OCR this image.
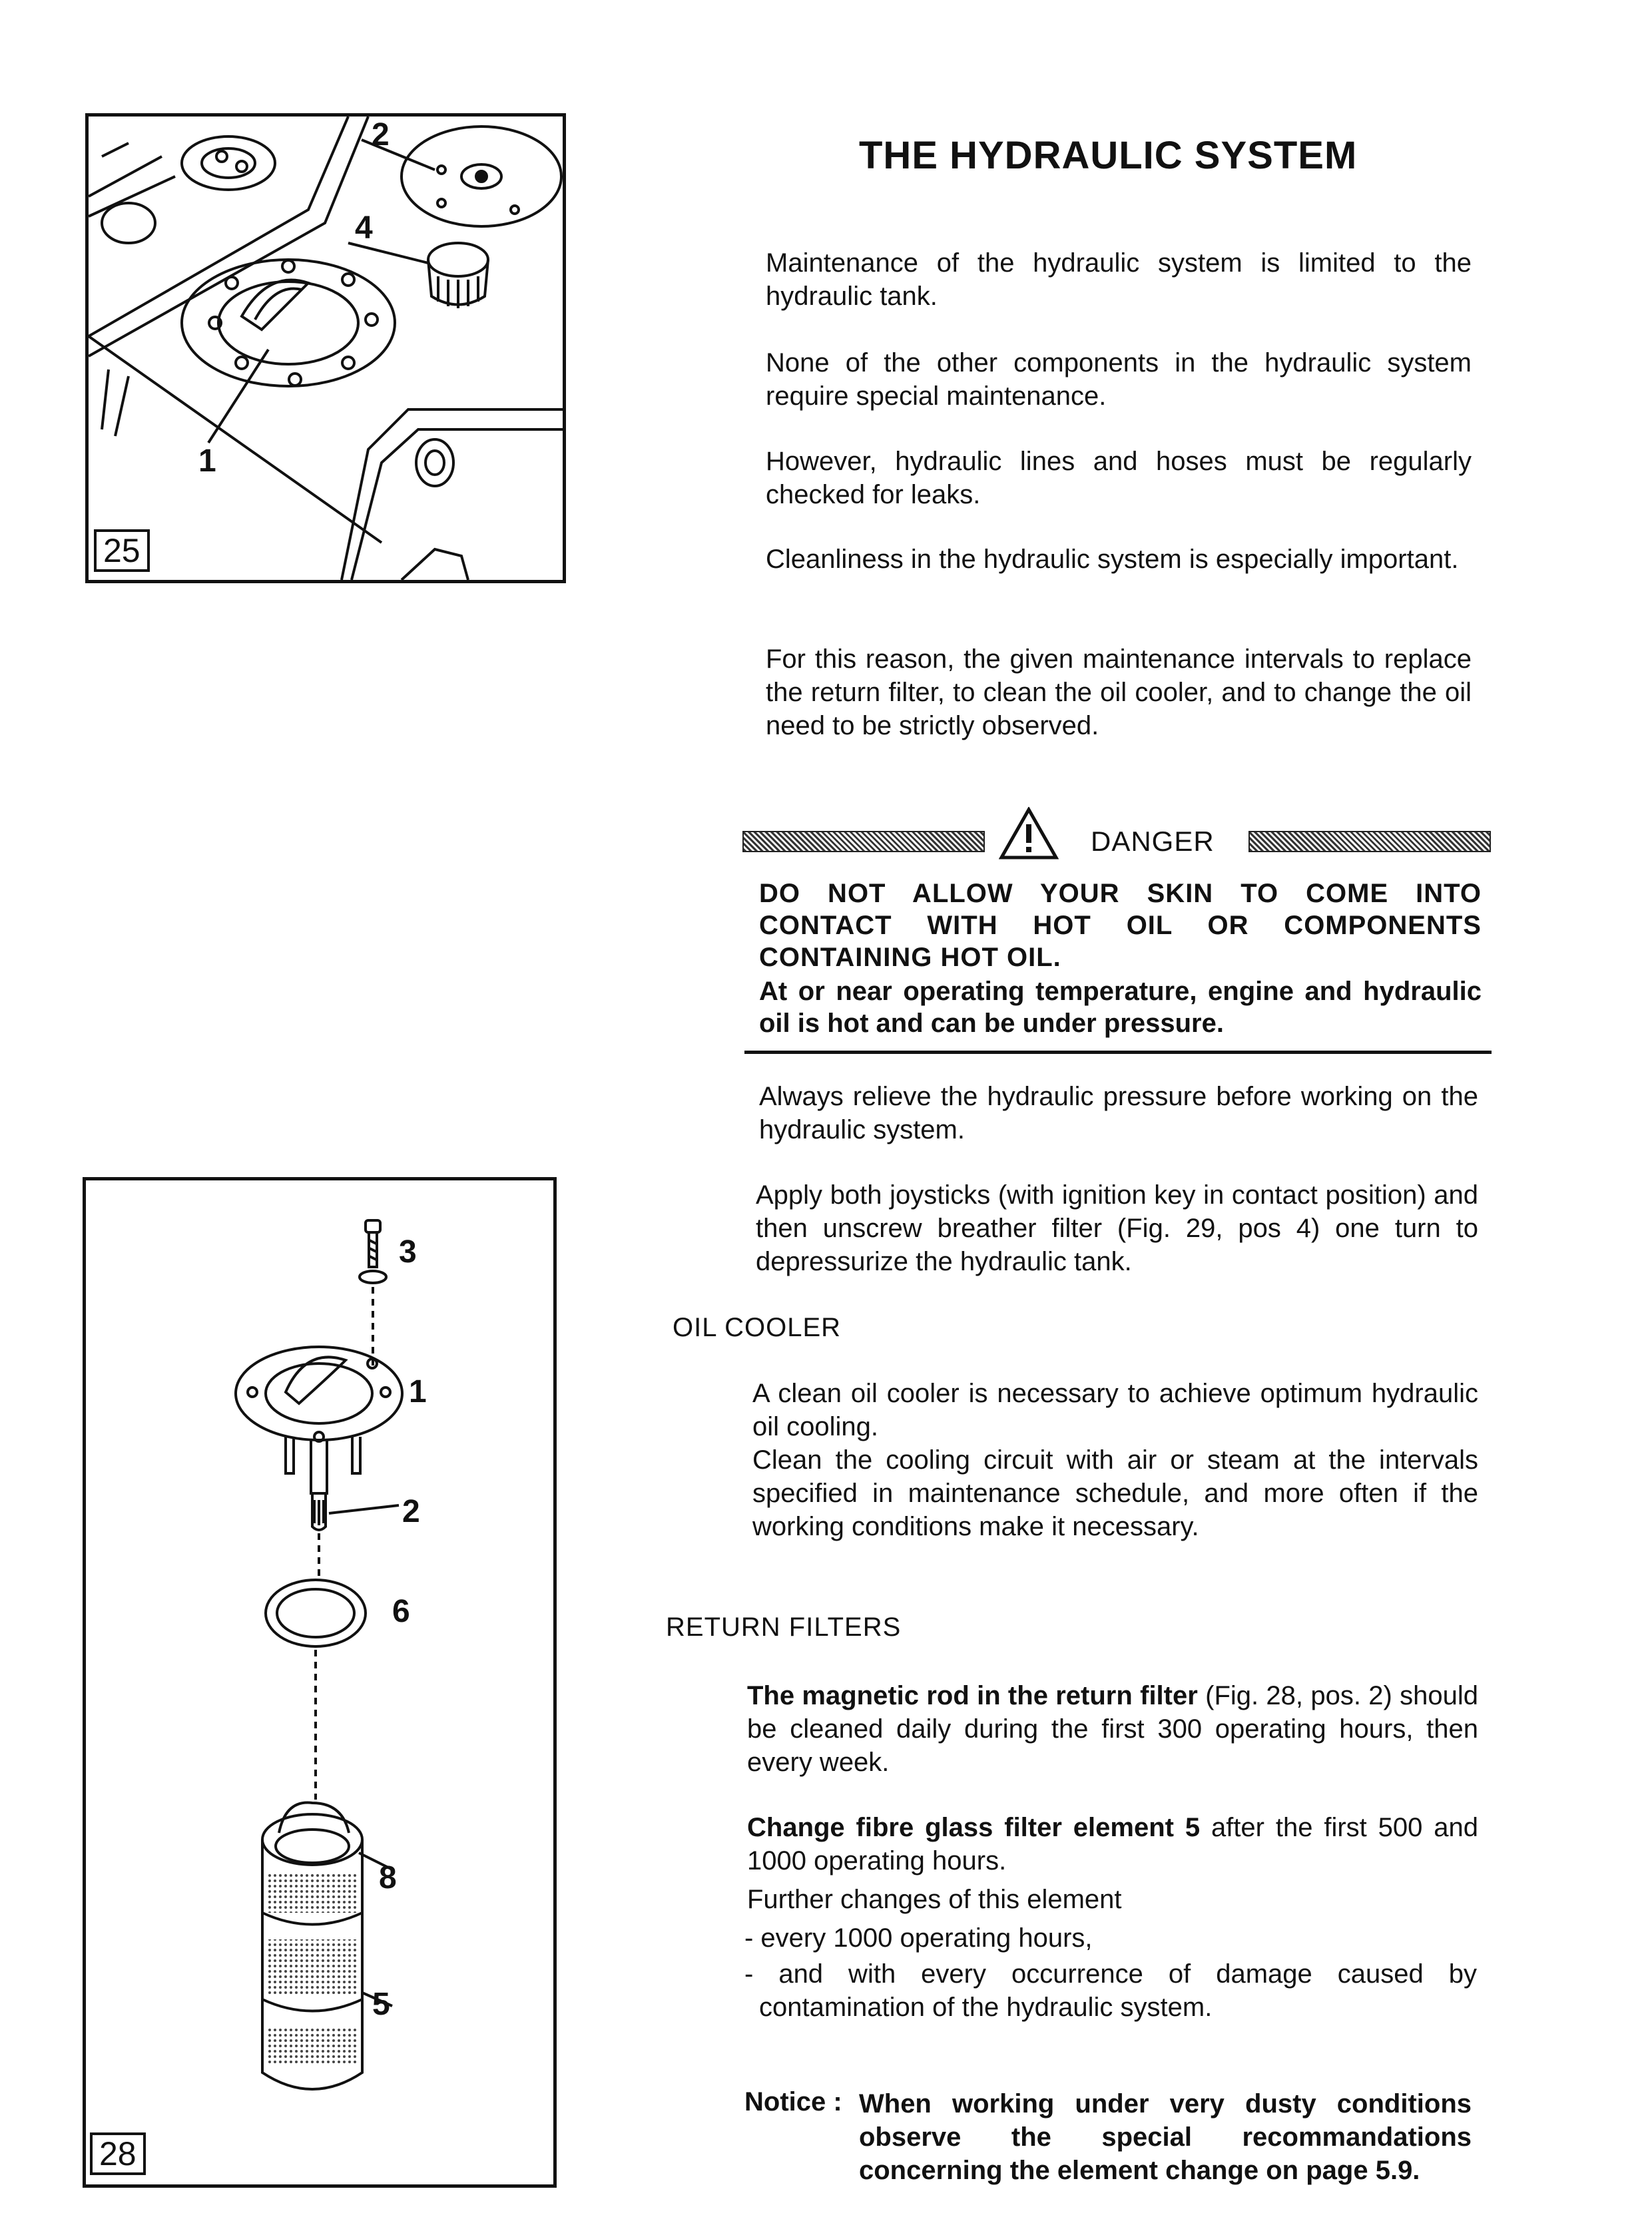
2
4
1
25
3
1
2
6
8
5
28
THE HYDRAULIC SYSTEM
Maintenance of the hydraulic system is limited to the hydraulic tank.
None of the other components in the hydraulic system require special maintenance.
However, hydraulic lines and hoses must be regularly checked for leaks.
Cleanliness in the hydraulic system is especially important.
For this reason, the given maintenance intervals to replace the return filter, to clean the oil cooler, and to change the oil need to be strictly observed.
DANGER
DO NOT ALLOW YOUR SKIN TO COME INTO CONTACT WITH HOT OIL OR COMPONENTS CONTAINING HOT OIL.
At or near operating temperature, engine and hydraulic oil is hot and can be under pressure.
Always relieve the hydraulic pressure before working on the hydraulic system.
Apply both joysticks (with ignition key in contact position) and then unscrew breather filter (Fig. 29, pos 4) one turn to depressurize the hydraulic tank.
OIL COOLER
A clean oil cooler is necessary to achieve optimum hydraulic oil cooling.
Clean the cooling circuit with air or steam at the intervals specified in maintenance schedule, and more often if the working conditions make it necessary.
RETURN FILTERS
The magnetic rod in the return filter (Fig. 28, pos. 2) should be cleaned daily during the first 300 operating hours, then every week.
Change fibre glass filter element 5 after the first 500 and 1000 operating hours.
Further changes of this element
- every 1000 operating hours,
- and with every occurrence of damage caused by contamination of the hydraulic system.
Notice : When working under very dusty conditions observe the special recommandations concerning the element change on page 5.9.
